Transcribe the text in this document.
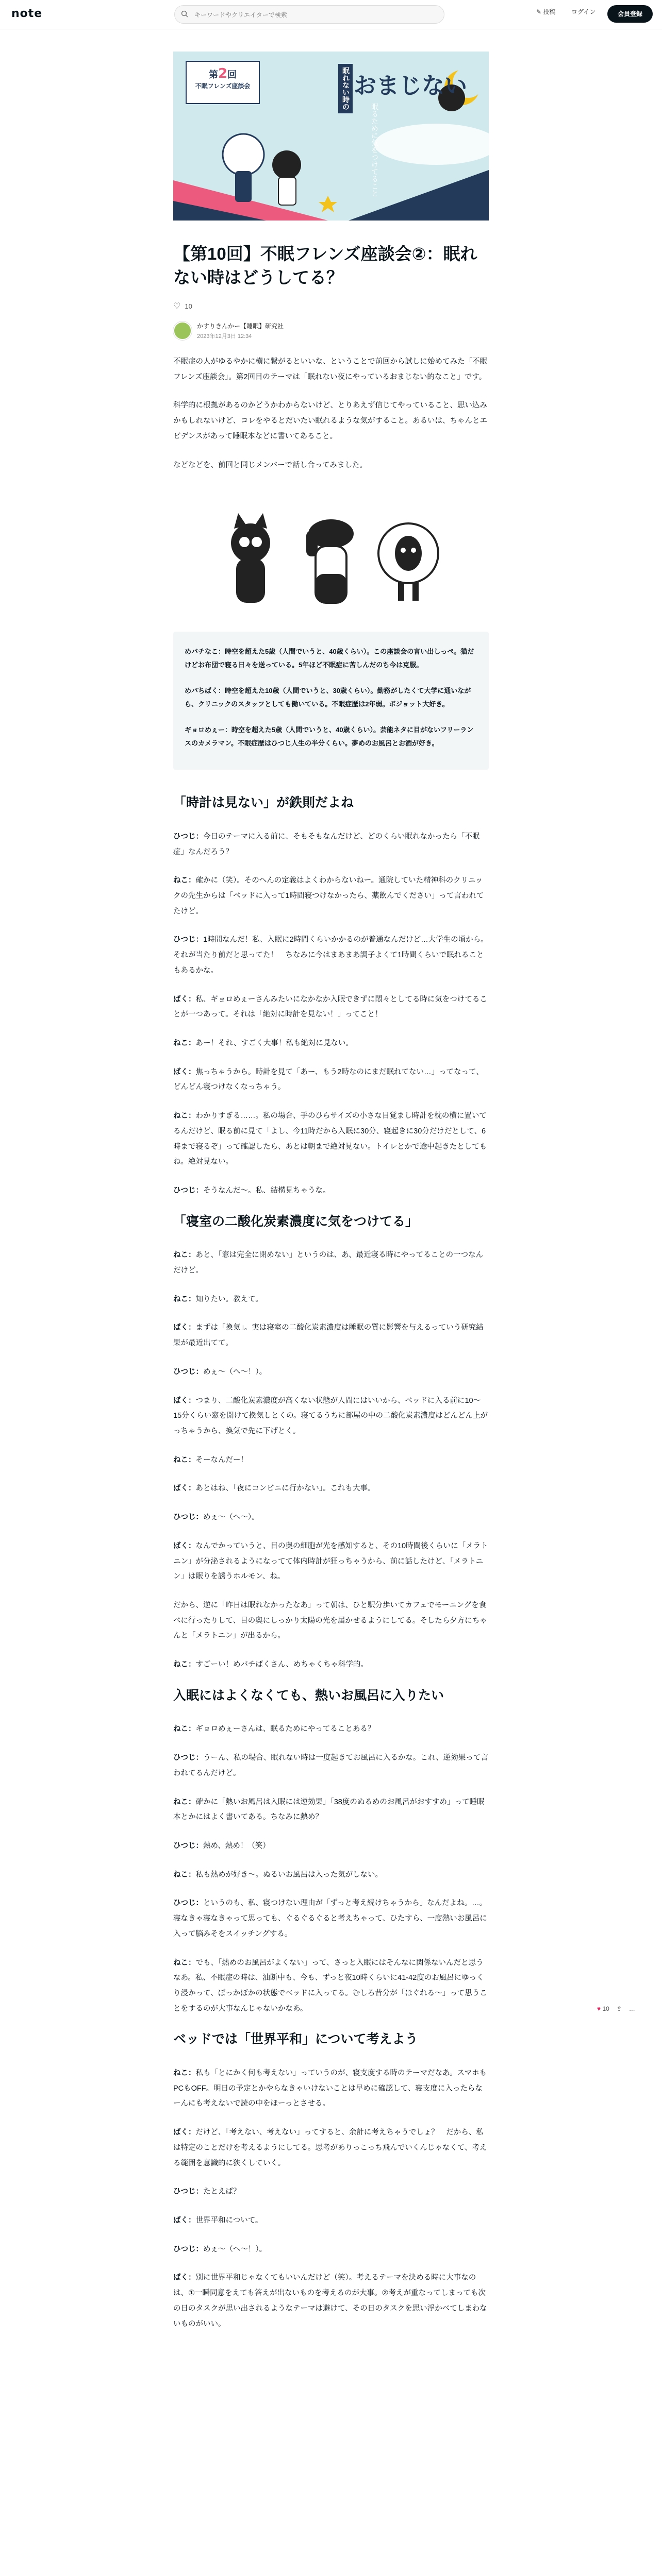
note
キーワードやクリエイターで検索	✎ 投稿	ログイン	会員登録
第2回
不眠フレンズ座談会	眠れない時の おまじない
眠るために気をつけてること
【第10回】不眠フレンズ座談会②：眠れない時はどうしてる？
♡ 10
かすりきんかー【睡眠】研究社
2023年12月3日 12:34

不眠症の人がゆるやかに横に繋がるといいな、ということで前回から試しに始めてみた「不眠フレンズ座談会」。第2回目のテーマは「眠れない夜にやっているおまじない的なこと」です。

科学的に根拠があるのかどうかわからないけど、とりあえず信じてやっていること、思い込みかもしれないけど、コレをやるとだいたい眠れるような気がすること。あるいは、ちゃんとエビデンスがあって睡眠本などに書いてあること。

などなどを、前回と同じメンバーで話し合ってみました。

めバチなこ：時空を超えた5歳（人間でいうと、40歳くらい）。この座談会の言い出しっぺ。猫だけどお布団で寝る日々を送っている。5年ほど不眠症に苦しんだのち今は克服。

めバちばく：時空を超えた10歳（人間でいうと、30歳くらい）。勤務がしたくて大学に通いながら、クリニックのスタッフとしても働いている。不眠症歴は2年弱。ボジョット大好き。

ギョロめぇー：時空を超えた5歳（人間でいうと、40歳くらい）。芸能ネタに目がないフリーランスのカメラマン。不眠症歴はひつじ人生の半分くらい。夢めのお風呂とお酒が好き。

「時計は見ない」が鉄則だよね

ひつじ：今日のテーマに入る前に、そもそもなんだけど、どのくらい眠れなかったら「不眠症」なんだろう？

ねこ：確かに（笑）。そのへんの定義はよくわからないねー。通院していた精神科のクリニックの先生からは「ベッドに入って1時間寝つけなかったら、薬飲んでください」って言われてたけど。

ひつじ：1時間なんだ！私、入眠に2時間くらいかかるのが普通なんだけど…大学生の頃から。それが当たり前だと思ってた！　ちなみに今はまあまあ調子よくて1時間くらいで眠れることもあるかな。

ばく：私、ギョロめぇーさんみたいになかなか入眠できずに悶々としてる時に気をつけてることが一つあって。それは「絶対に時計を見ない！」ってこと！

ねこ：あー！それ、すごく大事！私も絶対に見ない。

ばく：焦っちゃうから。時計を見て「あー、もう2時なのにまだ眠れてない…」ってなって、どんどん寝つけなくなっちゃう。

ねこ：わかりすぎる……。私の場合、手のひらサイズの小さな目覚まし時計を枕の横に置いてるんだけど、眠る前に見て「よし、今11時だから入眠に30分、寝起きに30分だけだとして、6時まで寝るぞ」って確認したら、あとは朝まで絶対見ない。トイレとかで途中起きたとしてもね。絶対見ない。

ひつじ：そうなんだ〜。私、結構見ちゃうな。

「寝室の二酸化炭素濃度に気をつけてる」

ねこ：あと、「窓は完全に閉めない」というのは、あ、最近寝る時にやってることの一つなんだけど。

ねこ：知りたい。教えて。

ばく：まずは「換気」。実は寝室の二酸化炭素濃度は睡眠の質に影響を与えるっていう研究結果が最近出てて。

ひつじ：めぇ〜（へ〜！）。

ばく：つまり、二酸化炭素濃度が高くない状態が人間にはいいから、ベッドに入る前に10〜15分くらい窓を開けて換気しとくの。寝てるうちに部屋の中の二酸化炭素濃度はどんどん上がっちゃうから、換気で先に下げとく。

ねこ：そーなんだー！

ばく：あとはね、「夜にコンビニに行かない」。これも大事。

ひつじ：めぇ〜（へ〜）。

ばく：なんでかっていうと、目の奥の細胞が光を感知すると、その10時間後くらいに「メラトニン」が分泌されるようになってて体内時計が狂っちゃうから、前に話したけど、「メラトニン」は眠りを誘うホルモン、ね。

だから、逆に「昨日は眠れなかったなあ」って朝は、ひと駅分歩いてカフェでモーニングを食べに行ったりして、目の奥にしっかり太陽の光を届かせるようにしてる。そしたら夕方にちゃんと「メラトニン」が出るから。

ねこ：すごーい！めバチばくさん、めちゃくちゃ科学的。

入眠にはよくなくても、熱いお風呂に入りたい

ねこ：ギョロめぇーさんは、眠るためにやってることある？

ひつじ：うーん、私の場合、眠れない時は一度起きてお風呂に入るかな。これ、逆効果って言われてるんだけど。

ねこ：確かに「熱いお風呂は入眠には逆効果」「38度のぬるめのお風呂がおすすめ」って睡眠本とかにはよく書いてある。ちなみに熱め？

ひつじ：熱め、熱め！（笑）

ねこ：私も熱めが好き〜。ぬるいお風呂は入った気がしない。

ひつじ：というのも、私、寝つけない理由が「ずっと考え続けちゃうから」なんだよね。…。寝なきゃ寝なきゃって思っても、ぐるぐるぐると考えちゃって、ひたすら、一度熱いお風呂に入って脳みそをスイッチングする。

ねこ：でも、「熱めのお風呂がよくない」って、さっと入眠にはそんなに関係ないんだと思うなあ。私、不眠症の時は、油断中も、今も、ずっと夜10時くらいに41-42度のお風呂にゆっくり浸かって、ぼっかぼかの状態でベッドに入ってる。むしろ昔分が「ほぐれる〜」って思うことをするのが大事なんじゃないかなあ。

ベッドでは「世界平和」について考えよう

ねこ：私も「とにかく何も考えない」っていうのが、寝支度する時のテーマだなあ。スマホもPCもOFF。明日の予定とかやらなきゃいけないことは早めに確認して、寝支度に入ったらなーんにも考えないで読の中をほーっとさせる。

ばく：だけど、「考えない、考えない」ってすると、余計に考えちゃうでしょ？　だから、私は特定のことだけを考えるようにしてる。思考がありっこっち飛んでいくんじゃなくて、考える範囲を意識的に狭くしていく。

ひつじ：たとえば？

ばく：世界平和について。

ひつじ：めぇ〜（へ〜！）。

ばく：別に世界平和じゃなくてもいいんだけど（笑）。考えるテーマを決める時に大事なのは、①一瞬同意をえても答えが出ないものを考えるのが大事。②考えが重なってしまっても次の日のタスクが思い出されるようなテーマは避けて、その日のタスクを思い浮かべてしまわないものがいい。

♥ 10 ⇪ …
